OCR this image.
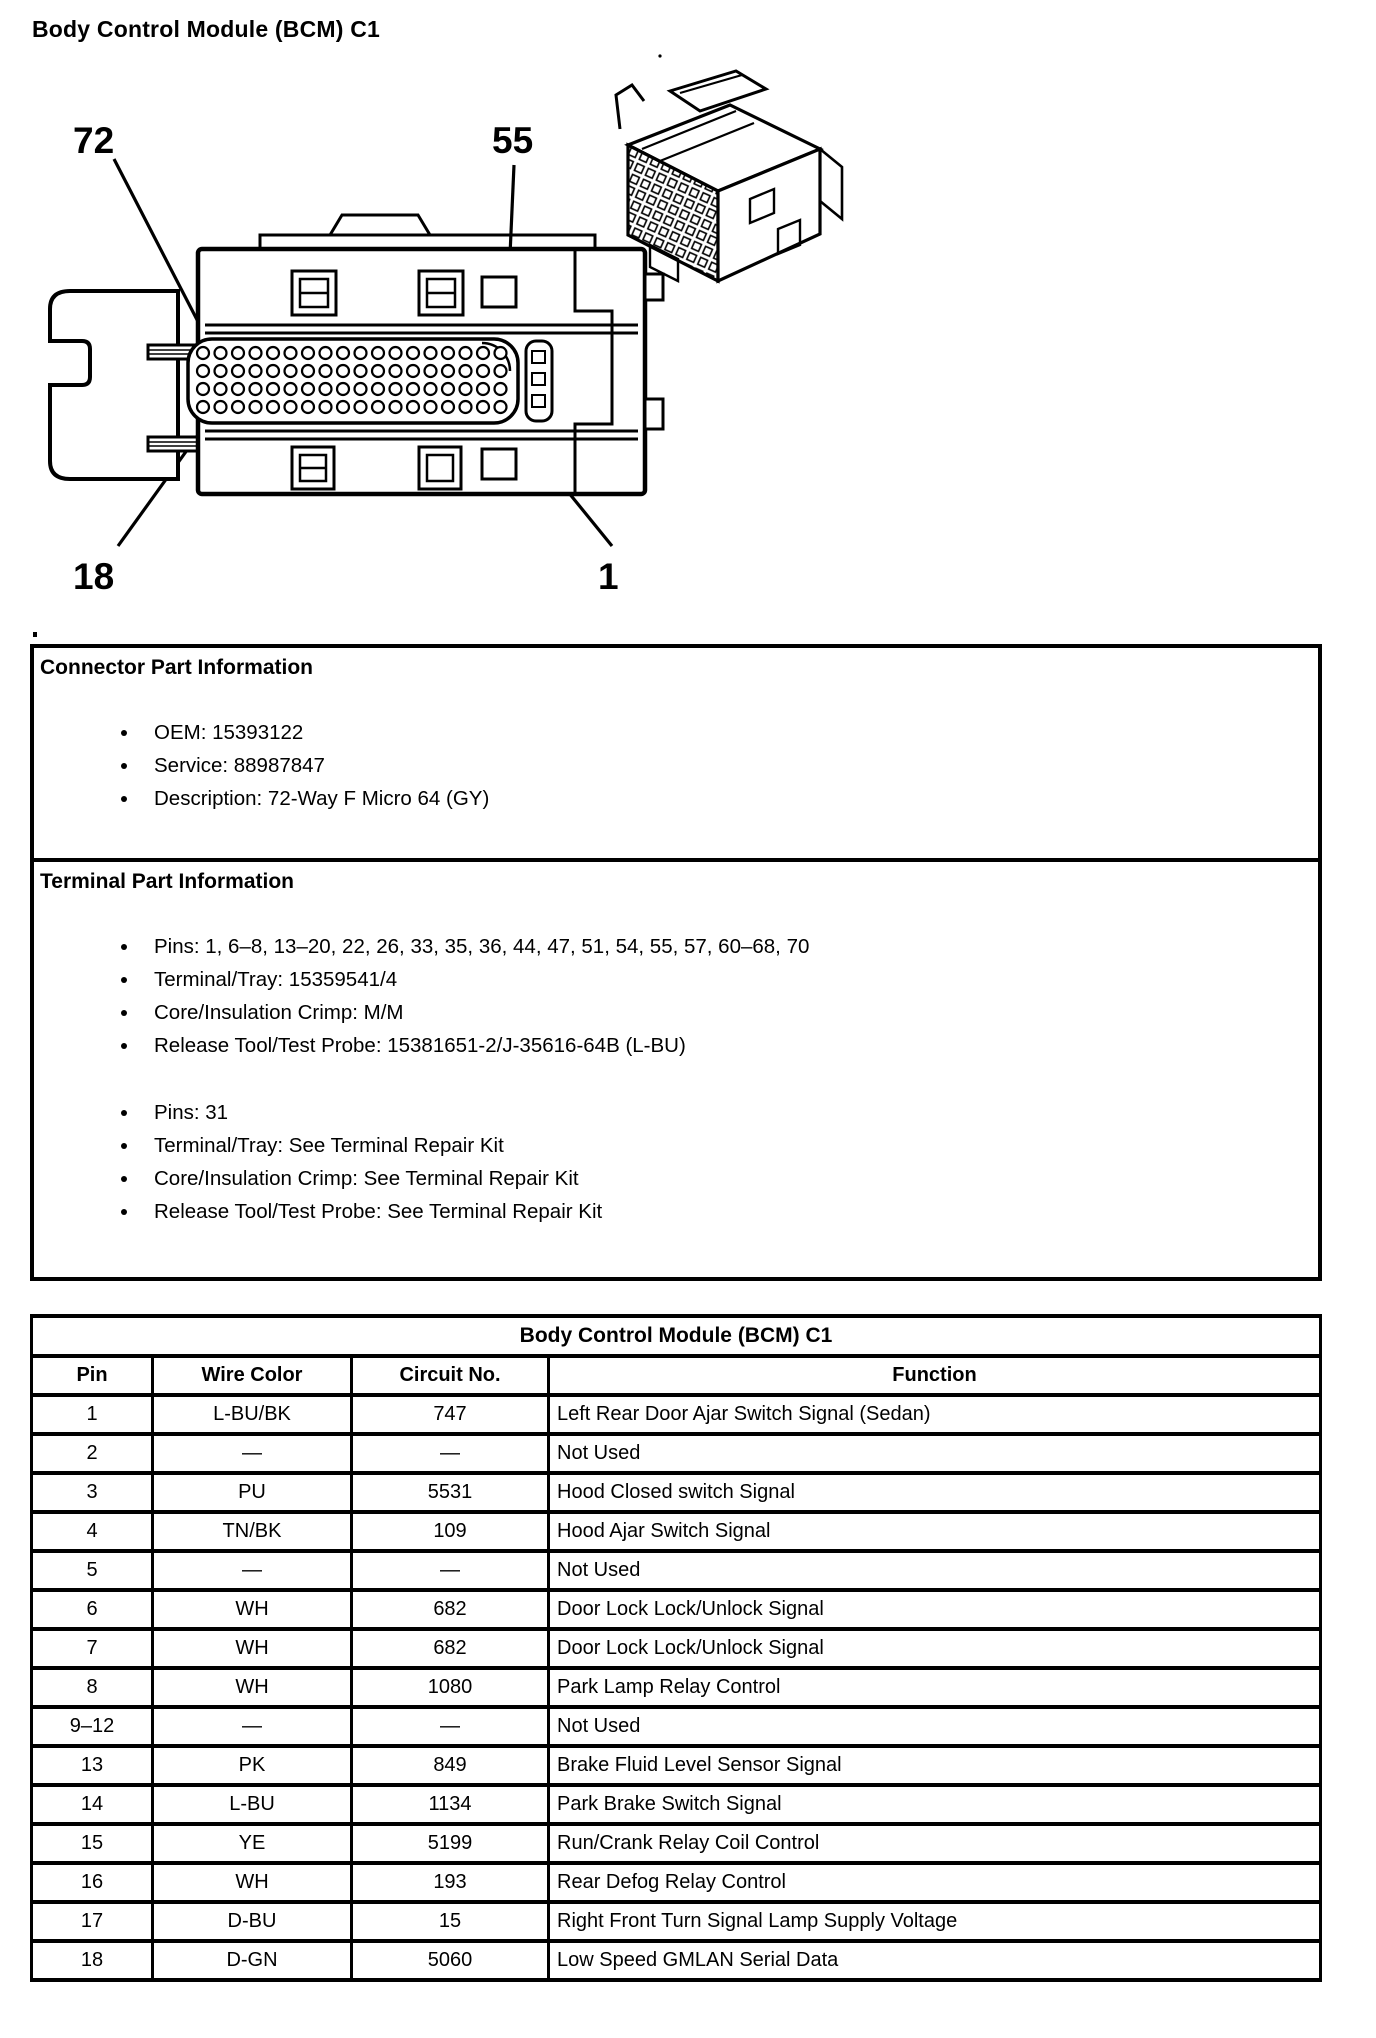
Body Control Module (BCM) C1
72	55
18	1
Connector Part Information
• OEM: 15393122
• Service: 88987847
• Description: 72-Way F Micro 64 (GY)
Terminal Part Information
• Pins: 1, 6–8, 13–20, 22, 26, 33, 35, 36, 44, 47, 51, 54, 55, 57, 60–68, 70
• Terminal/Tray: 15359541/4
• Core/Insulation Crimp: M/M
• Release Tool/Test Probe: 15381651-2/J-35616-64B (L-BU)
• Pins: 31
• Terminal/Tray: See Terminal Repair Kit
• Core/Insulation Crimp: See Terminal Repair Kit
• Release Tool/Test Probe: See Terminal Repair Kit
Body Control Module (BCM) C1			
Pin	Wire Color	Circuit No.	Function
1	L-BU/BK	747	Left Rear Door Ajar Switch Signal (Sedan)
2	—	—	Not Used
3	PU	5531	Hood Closed switch Signal
4	TN/BK	109	Hood Ajar Switch Signal
5	—	—	Not Used
6	WH	682	Door Lock Lock/Unlock Signal
7	WH	682	Door Lock Lock/Unlock Signal
8	WH	1080	Park Lamp Relay Control
9–12	—	—	Not Used
13	PK	849	Brake Fluid Level Sensor Signal
14	L-BU	1134	Park Brake Switch Signal
15	YE	5199	Run/Crank Relay Coil Control
16	WH	193	Rear Defog Relay Control
17	D-BU	15	Right Front Turn Signal Lamp Supply Voltage
18	D-GN	5060	Low Speed GMLAN Serial Data
